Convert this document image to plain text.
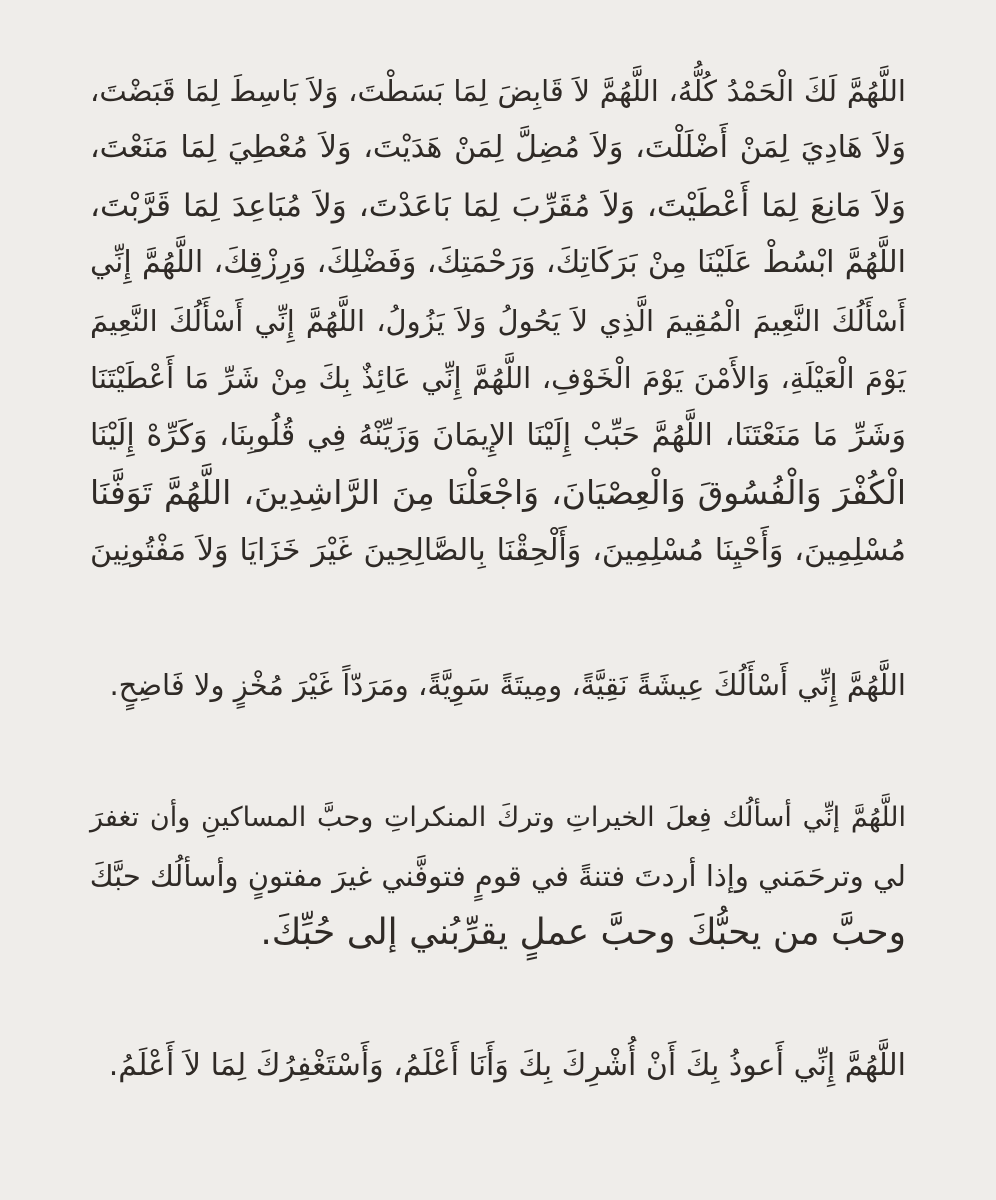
اللَّهُمَّ لَكَ الْحَمْدُ كُلُّهُ، اللَّهُمَّ لاَ قَابِضَ لِمَا بَسَطْتَ، وَلاَ بَاسِطَ لِمَا قَبَضْتَ،
وَلاَ هَادِيَ لِمَنْ أَضْلَلْتَ، وَلاَ مُضِلَّ لِمَنْ هَدَيْتَ، وَلاَ مُعْطِيَ لِمَا مَنَعْتَ،
وَلاَ مَانِعَ لِمَا أَعْطَيْتَ، وَلاَ مُقَرِّبَ لِمَا بَاعَدْتَ، وَلاَ مُبَاعِدَ لِمَا قَرَّبْتَ،
اللَّهُمَّ ابْسُطْ عَلَيْنَا مِنْ بَرَكَاتِكَ، وَرَحْمَتِكَ، وَفَضْلِكَ، وَرِزْقِكَ، اللَّهُمَّ إِنِّي
أَسْأَلُكَ النَّعِيمَ الْمُقِيمَ الَّذِي لاَ يَحُولُ وَلاَ يَزُولُ، اللَّهُمَّ إِنِّي أَسْأَلُكَ النَّعِيمَ
يَوْمَ الْعَيْلَةِ، وَالأَمْنَ يَوْمَ الْخَوْفِ، اللَّهُمَّ إِنِّي عَائِذٌ بِكَ مِنْ شَرِّ مَا أَعْطَيْتَنَا
وَشَرِّ مَا مَنَعْتَنَا، اللَّهُمَّ حَبِّبْ إِلَيْنَا الإِيمَانَ وَزَيِّنْهُ فِي قُلُوبِنَا، وَكَرِّهْ إِلَيْنَا
الْكُفْرَ وَالْفُسُوقَ وَالْعِصْيَانَ، وَاجْعَلْنَا مِنَ الرَّاشِدِينَ، اللَّهُمَّ تَوَفَّنَا
مُسْلِمِينَ، وَأَحْيِنَا مُسْلِمِينَ، وَأَلْحِقْنَا بِالصَّالِحِينَ غَيْرَ خَزَايَا وَلاَ مَفْتُونِينَ
اللَّهُمَّ إِنِّي أَسْأَلُكَ عِيشَةً نَقِيَّةً، ومِيتَةً سَوِيَّةً، ومَرَدّاً غَيْرَ مُخْزٍ ولا فَاضِحٍ.
اللَّهُمَّ إنِّي أسألُك فِعلَ الخيراتِ وتركَ المنكراتِ وحبَّ المساكينِ وأن تغفرَ
لي وترحَمَني وإذا أردتَ فتنةً في قومٍ فتوفَّني غيرَ مفتونٍ وأسألُك حبَّكَ
وحبَّ من يحبُّكَ وحبَّ عملٍ يقرِّبُني إلى حُبِّكَ.
اللَّهُمَّ إِنِّي أَعوذُ بِكَ أَنْ أُشْرِكَ بِكَ وَأَنَا أَعْلَمُ، وَأَسْتَغْفِرُكَ لِمَا لاَ أَعْلَمُ.
